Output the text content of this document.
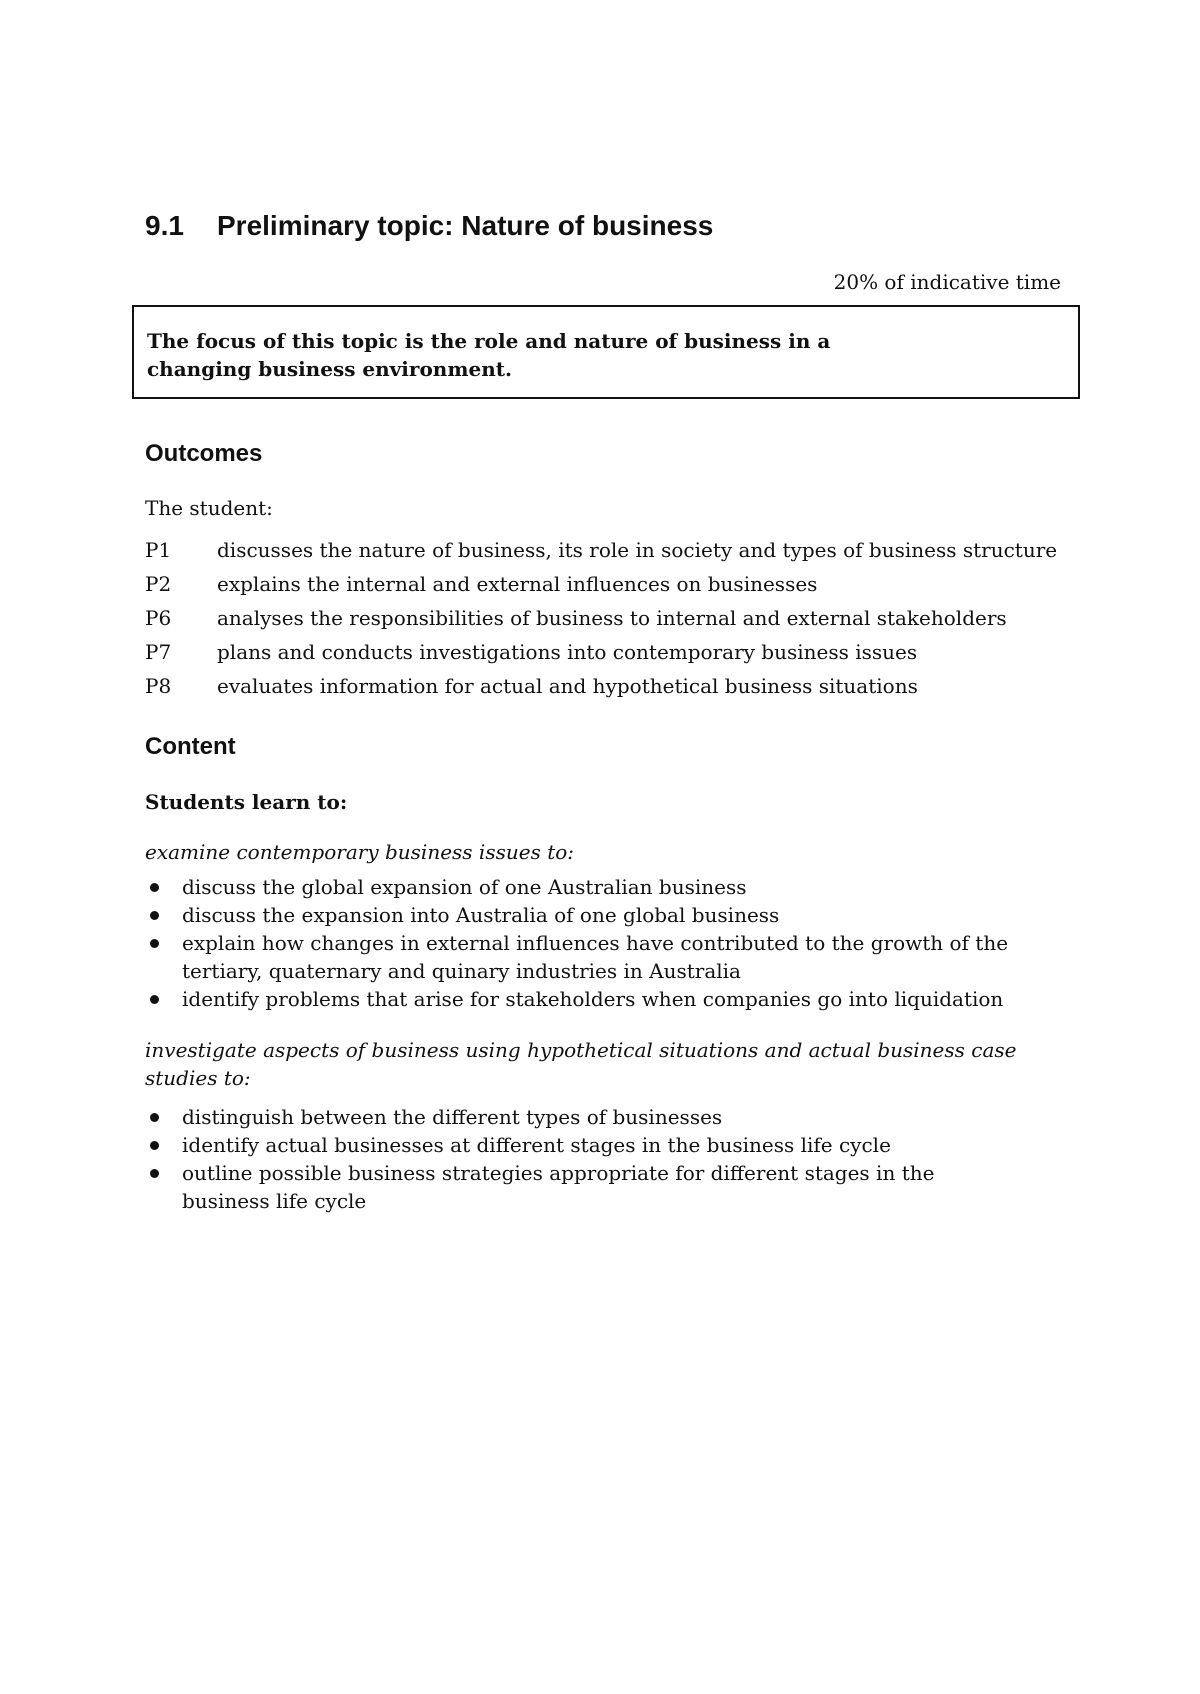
9.1 Preliminary topic: Nature of business
20% of indicative time
The focus of this topic is the role and nature of business in a changing business environment.
Outcomes
The student:
P1	discusses the nature of business, its role in society and types of business structure
P2	explains the internal and external influences on businesses
P6	analyses the responsibilities of business to internal and external stakeholders
P7	plans and conducts investigations into contemporary business issues
P8	evaluates information for actual and hypothetical business situations
Content
Students learn to:
examine contemporary business issues to:
discuss the global expansion of one Australian business
discuss the expansion into Australia of one global business
explain how changes in external influences have contributed to the growth of the tertiary, quaternary and quinary industries in Australia
identify problems that arise for stakeholders when companies go into liquidation
investigate aspects of business using hypothetical situations and actual business case studies to:
distinguish between the different types of businesses
identify actual businesses at different stages in the business life cycle
outline possible business strategies appropriate for different stages in the business life cycle
